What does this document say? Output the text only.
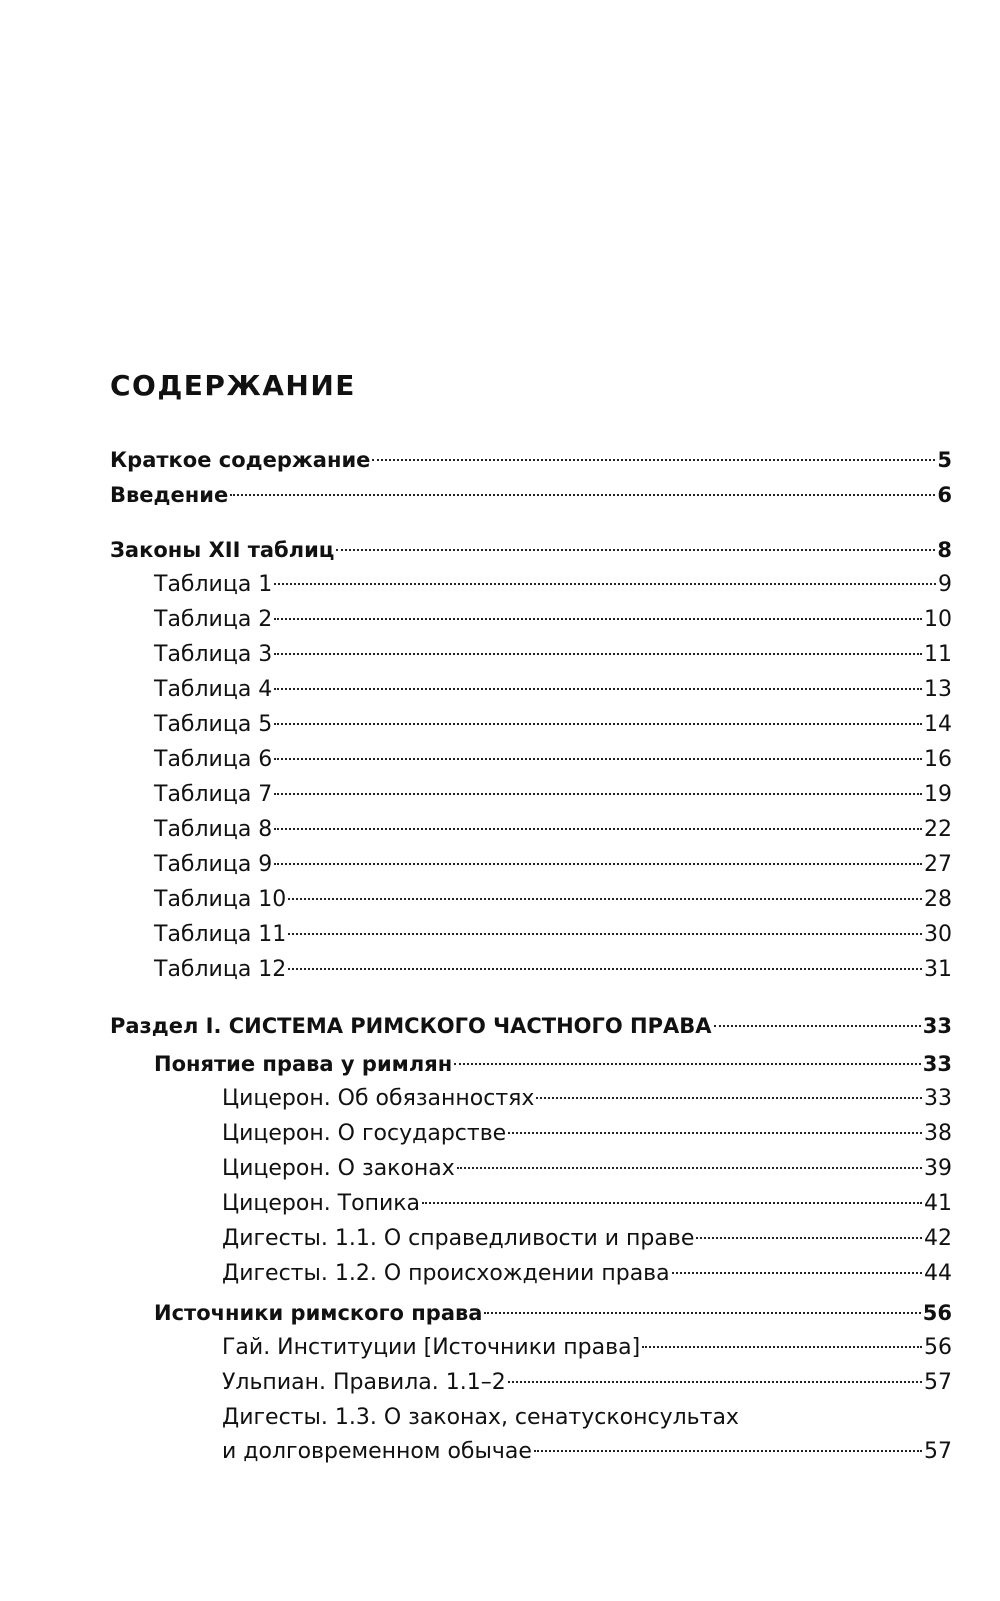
СОДЕРЖАНИЕ
Краткое содержание	5
Введение	6
Законы XII таблиц	8
Таблица 1	9
Таблица 2	10
Таблица 3	11
Таблица 4	13
Таблица 5	14
Таблица 6	16
Таблица 7	19
Таблица 8	22
Таблица 9	27
Таблица 10	28
Таблица 11	30
Таблица 12	31
Раздел I. СИСТЕМА РИМСКОГО ЧАСТНОГО ПРАВА	33
Понятие права у римлян	33
Цицерон. Об обязанностях	33
Цицерон. О государстве	38
Цицерон. О законах	39
Цицерон. Топика	41
Дигесты. 1.1. О справедливости и праве	42
Дигесты. 1.2. О происхождении права	44
Источники римского права	56
Гай. Институции [Источники права]	56
Ульпиан. Правила. 1.1–2	57
Дигесты. 1.3. О законах, сенатусконсультах
и долговременном обычае	57
